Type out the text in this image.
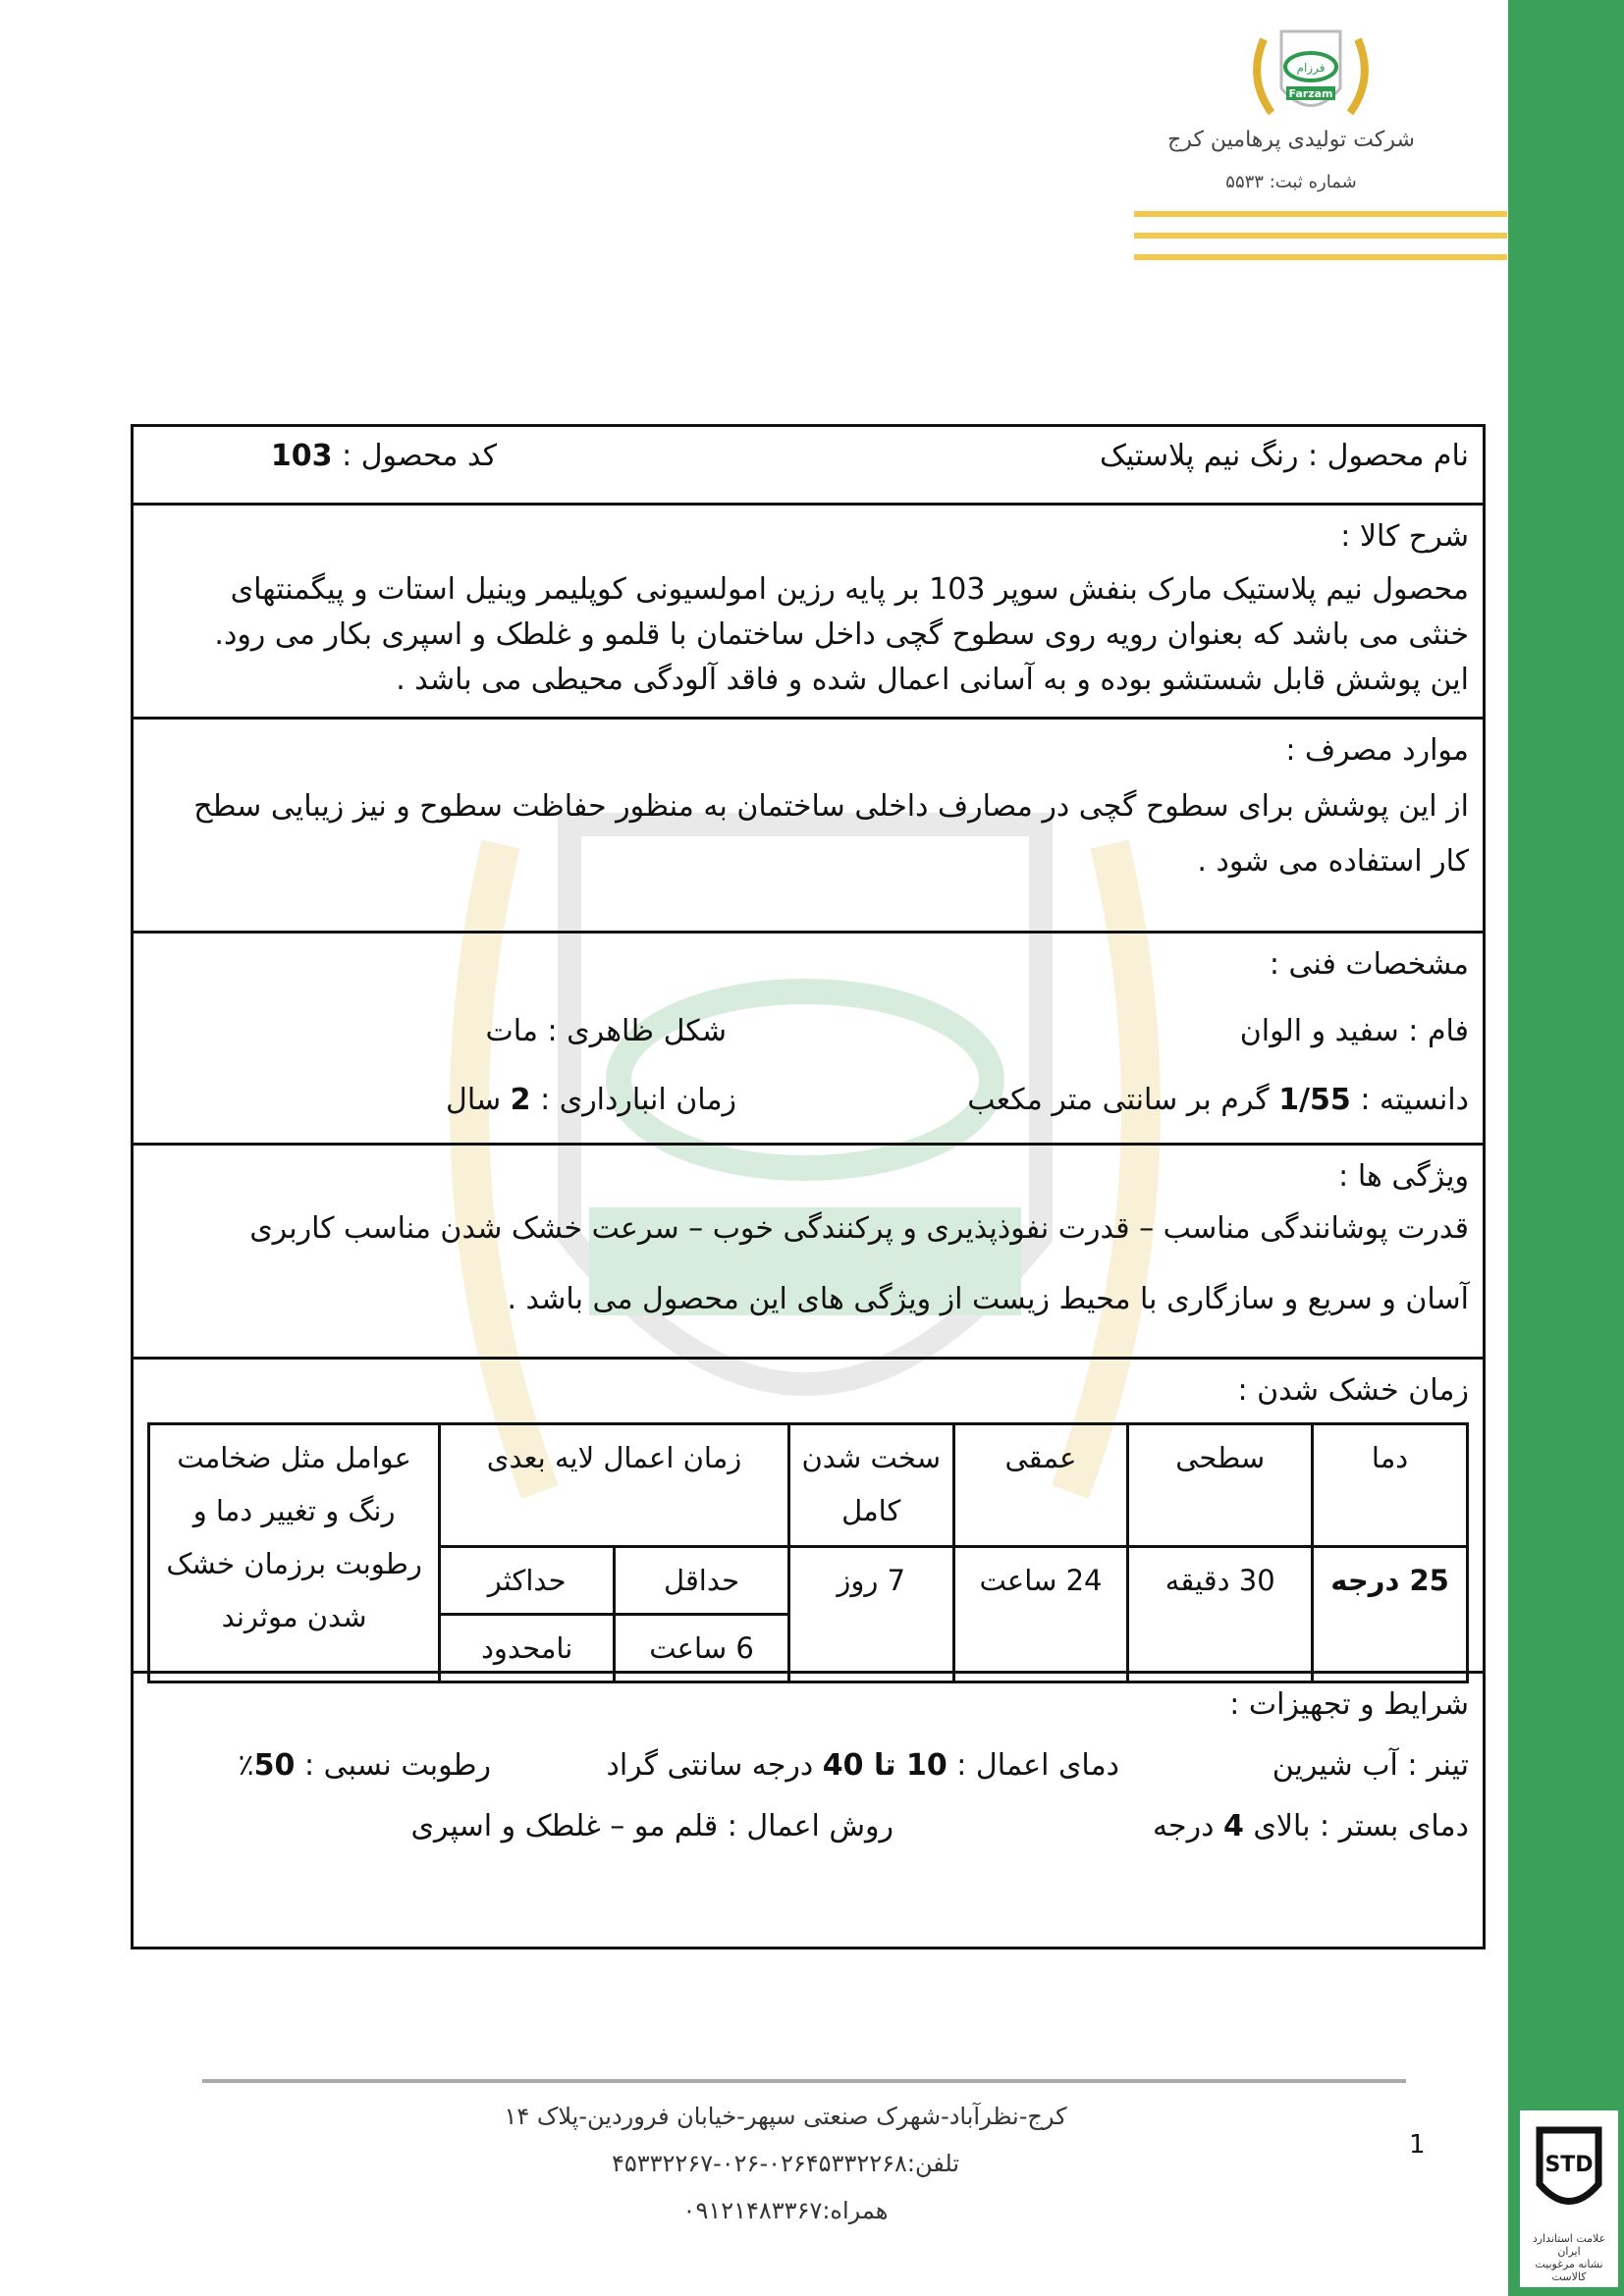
فرزام
Farzam
شرکت تولیدی پرهامین کرج
شماره ثبت: ۵۵۳۳
نام محصول : رنگ نیم پلاستیک
کد محصول : 103

شرح کالا :

محصول نیم پلاستیک مارک بنفش سوپر 103 بر پایه رزین امولسیونی کوپلیمر وینیل استات و پیگمنتهای

خنثی می باشد که بعنوان رویه روی سطوح گچی داخل ساختمان با قلمو و غلطک و اسپری بکار می رود.

این پوشش قابل شستشو بوده و به آسانی اعمال شده و فاقد آلودگی محیطی می باشد .

موارد مصرف :

از این پوشش برای سطوح گچی در مصارف داخلی ساختمان به منظور حفاظت سطوح و نیز زیبایی سطح

کار استفاده می شود .

مشخصات فنی :

فام : سفید و الوان
شکل ظاهری : مات
دانسیته : 1/55 گرم بر سانتی متر مکعب
زمان انبارداری : 2 سال

ویژگی ها :

قدرت پوشانندگی مناسب – قدرت نفوذپذیری و پرکنندگی خوب – سرعت خشک شدن مناسب کاربری

آسان و سریع و سازگاری با محیط زیست از ویژگی های این محصول می باشد .

زمان خشک شدن :

دما	سطحی	عمقی	سخت شدن کامل	زمان اعمال لایه بعدی		عوامل مثل ضخامت رنگ و تغییر دما و رطوبت برزمان خشک شدن موثرند
25 درجه	30 دقیقه	24 ساعت	7 روز	حداقل	حداکثر	
				6 ساعت	نامحدود	

شرایط و تجهیزات :

تینر : آب شیرین
دمای اعمال : 10 تا 40 درجه سانتی گراد
رطوبت نسبی : 50٪
دمای بستر : بالای 4 درجه
روش اعمال : قلم مو – غلطک و اسپری
کرج-نظرآباد-شهرک صنعتی سپهر-خیابان فروردین-پلاک ۱۴
تلفن:۰۲۶۴۵۳۳۲۲۶۸-۰۲۶-۴۵۳۳۲۲۶۷
همراه:۰۹۱۲۱۴۸۳۳۶۷
1
STD
علامت استاندارد ایران
نشانه مرغوبیت کالاست
